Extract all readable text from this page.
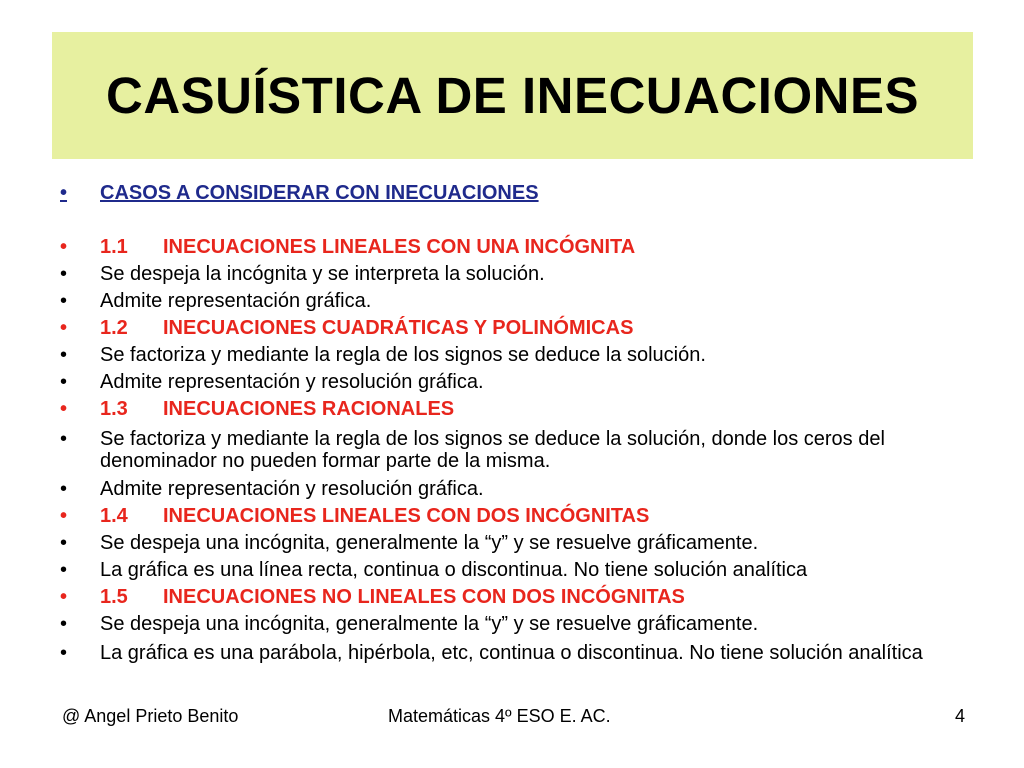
CASUÍSTICA DE INECUACIONES
•	CASOS A CONSIDERAR CON INECUACIONES
•	1.1 INECUACIONES LINEALES CON UNA INCÓGNITA
•	Se despeja la incógnita y se interpreta la solución.
•	Admite representación gráfica.
•	1.2 INECUACIONES CUADRÁTICAS Y POLINÓMICAS
•	Se factoriza y mediante la regla de los signos se deduce la solución.
•	Admite representación y resolución gráfica.
•	1.3 INECUACIONES RACIONALES
•	Se factoriza y mediante la regla de los signos se deduce la solución, donde los ceros del denominador no pueden formar parte de la misma.
•	Admite representación y resolución gráfica.
•	1.4 INECUACIONES LINEALES CON DOS INCÓGNITAS
•	Se despeja una incógnita, generalmente la “y” y se resuelve gráficamente.
•	La gráfica es una línea recta, continua o discontinua. No tiene solución analítica
•	1.5 INECUACIONES NO LINEALES CON DOS INCÓGNITAS
•	Se despeja una incógnita, generalmente la “y” y se resuelve gráficamente.
•	La gráfica es una parábola, hipérbola, etc, continua o discontinua. No tiene solución analítica
@ Angel Prieto Benito	Matemáticas 4º ESO E. AC.	4
